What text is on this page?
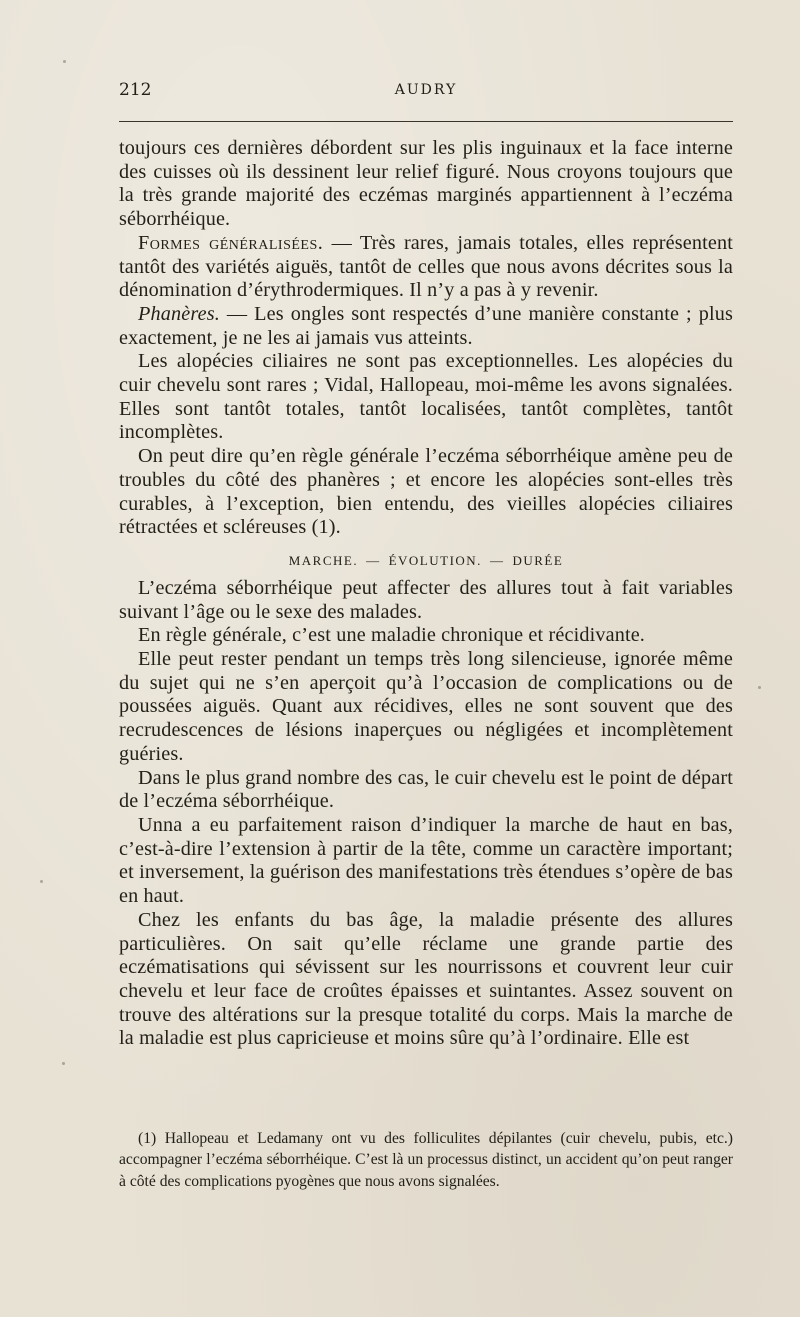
212	AUDRY

toujours ces dernières débordent sur les plis inguinaux et la face interne des cuisses où ils dessinent leur relief figuré. Nous croyons toujours que la très grande majorité des eczémas marginés appartiennent à l’eczéma séborrhéique.

Formes généralisées. — Très rares, jamais totales, elles représentent tantôt des variétés aiguës, tantôt de celles que nous avons décrites sous la dénomination d’érythrodermiques. Il n’y a pas à y revenir.

Phanères. — Les ongles sont respectés d’une manière constante ; plus exactement, je ne les ai jamais vus atteints.

Les alopécies ciliaires ne sont pas exceptionnelles. Les alopécies du cuir chevelu sont rares ; Vidal, Hallopeau, moi-même les avons signalées. Elles sont tantôt totales, tantôt localisées, tantôt complètes, tantôt incomplètes.

On peut dire qu’en règle générale l’eczéma séborrhéique amène peu de troubles du côté des phanères ; et encore les alopécies sont-elles très curables, à l’exception, bien entendu, des vieilles alopécies ciliaires rétractées et scléreuses (1).

MARCHE. — ÉVOLUTION. — DURÉE

L’eczéma séborrhéique peut affecter des allures tout à fait variables suivant l’âge ou le sexe des malades.

En règle générale, c’est une maladie chronique et récidivante.

Elle peut rester pendant un temps très long silencieuse, ignorée même du sujet qui ne s’en aperçoit qu’à l’occasion de complications ou de poussées aiguës. Quant aux récidives, elles ne sont souvent que des recrudescences de lésions inaperçues ou négligées et incomplètement guéries.

Dans le plus grand nombre des cas, le cuir chevelu est le point de départ de l’eczéma séborrhéique.

Unna a eu parfaitement raison d’indiquer la marche de haut en bas, c’est-à-dire l’extension à partir de la tête, comme un caractère important; et inversement, la guérison des manifestations très étendues s’opère de bas en haut.

Chez les enfants du bas âge, la maladie présente des allures particulières. On sait qu’elle réclame une grande partie des eczématisations qui sévissent sur les nourrissons et couvrent leur cuir chevelu et leur face de croûtes épaisses et suintantes. Assez souvent on trouve des altérations sur la presque totalité du corps. Mais la marche de la maladie est plus capricieuse et moins sûre qu’à l’ordinaire. Elle est

(1) Hallopeau et Ledamany ont vu des folliculites dépilantes (cuir chevelu, pubis, etc.) accompagner l’eczéma séborrhéique. C’est là un processus distinct, un accident qu’on peut ranger à côté des complications pyogènes que nous avons signalées.
